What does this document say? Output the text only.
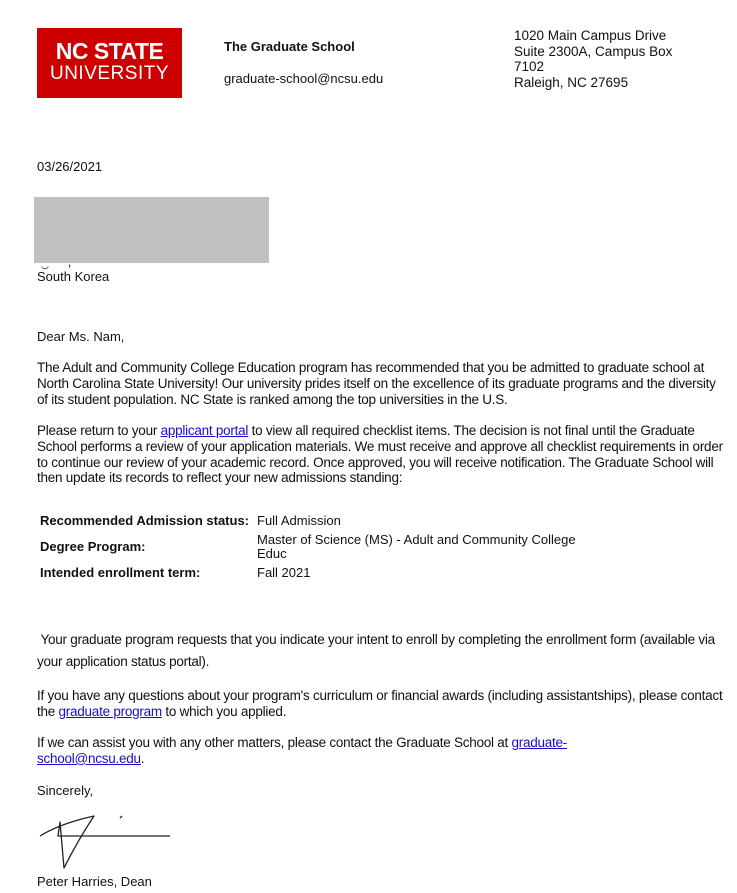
NC STATE
UNIVERSITY
The Graduate School
graduate-school@ncsu.edu
1020 Main Campus Drive
Suite 2300A, Campus Box
7102
Raleigh, NC 27695
03/26/2021
South Korea
Dear Ms. Nam,
The Adult and Community College Education program has recommended that you be admitted to graduate school at North Carolina State University! Our university prides itself on the excellence of its graduate programs and the diversity of its student population. NC State is ranked among the top universities in the U.S.
Please return to your applicant portal to view all required checklist items. The decision is not final until the Graduate School performs a review of your application materials. We must receive and approve all checklist requirements in order to continue our review of your academic record. Once approved, you will receive notification. The Graduate School will then update its records to reflect your new admissions standing:
Recommended Admission status:	Full Admission
Degree Program:	Master of Science (MS) - Adult and Community College Educ
Intended enrollment term:	Fall 2021
Your graduate program requests that you indicate your intent to enroll by completing the enrollment form (available via your application status portal).
If you have any questions about your program's curriculum or financial awards (including assistantships), please contact the graduate program to which you applied.
If we can assist you with any other matters, please contact the Graduate School at graduate-school@ncsu.edu.
Sincerely,
Peter Harries, Dean
